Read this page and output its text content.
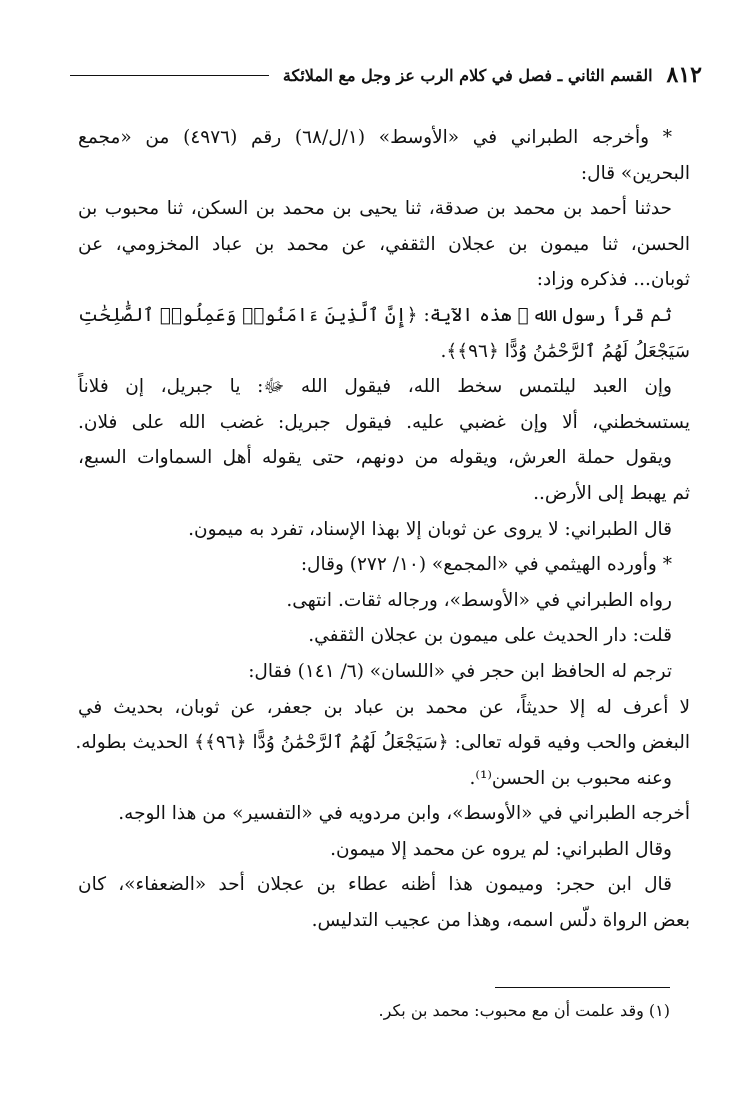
٨١٢
القسم الثاني ـ فصل في كلام الرب عز وجل مع الملائكة
* وأخرجه الطبراني في «الأوسط» (١/ل/٦٨) رقم (٤٩٧٦) من «مجمع
البحرين» قال:
حدثنا أحمد بن محمد بن صدقة، ثنا يحيى بن محمد بن السكن، ثنا محبوب بن
الحسن، ثنا ميمون بن عجلان الثقفي، عن محمد بن عباد المخزومي، عن
ثوبان... فذكره وزاد:
ثم قرأ رسول الله ﷺ هذه الآية: ﴿إِنَّ ٱلَّذِينَ ءَامَنُوا۟ وَعَمِلُوا۟ ٱلصَّٰلِحَٰتِ
سَيَجْعَلُ لَهُمُ ٱلرَّحْمَٰنُ وُدًّا ﴿٩٦﴾﴾.
وإن العبد ليلتمس سخط الله، فيقول الله ﷻ: يا جبريل، إن فلاناً
يستسخطني، ألا وإن غضبي عليه. فيقول جبريل: غضب الله على فلان.
ويقول حملة العرش، ويقوله من دونهم، حتى يقوله أهل السماوات السبع،
ثم يهبط إلى الأرض..
قال الطبراني: لا يروى عن ثوبان إلا بهذا الإسناد، تفرد به ميمون.
* وأورده الهيثمي في «المجمع» (١٠/ ٢٧٢) وقال:
رواه الطبراني في «الأوسط»، ورجاله ثقات. انتهى.
قلت: دار الحديث على ميمون بن عجلان الثقفي.
ترجم له الحافظ ابن حجر في «اللسان» (٦/ ١٤١) فقال:
لا أعرف له إلا حديثاً، عن محمد بن عباد بن جعفر، عن ثوبان، بحديث في
البغض والحب وفيه قوله تعالى: ﴿سَيَجْعَلُ لَهُمُ ٱلرَّحْمَٰنُ وُدًّا ﴿٩٦﴾﴾ الحديث بطوله.
وعنه محبوب بن الحسن⁽¹⁾.
أخرجه الطبراني في «الأوسط»، وابن مردويه في «التفسير» من هذا الوجه.
وقال الطبراني: لم يروه عن محمد إلا ميمون.
قال ابن حجر: وميمون هذا أظنه عطاء بن عجلان أحد «الضعفاء»، كان
بعض الرواة دلّس اسمه، وهذا من عجيب التدليس.
(١) وقد علمت أن مع محبوب: محمد بن بكر.
